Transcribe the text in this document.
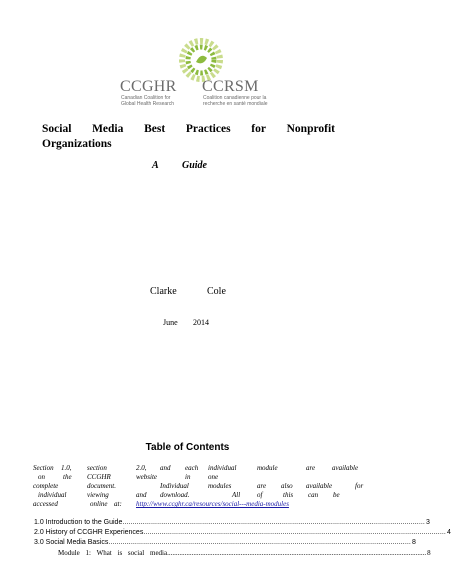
CCGHR CCRSM
Canadian Coalition for
Global Health Research
Coalition canadienne pour la
recherche en santé mondiale
Social Media Best Practices for Nonprofit
Organizations
A Guide
Clarke	Cole
June 2014
Table of Contents
Section 1.0, section	2.0, and each individual	module	are available
on	the CCGHR	website	in	one
complete	document.	Individual	modules	are also available	for
individual	viewing	and download.	All of	this can be
accessed	online at: http://www.ccghr.ca/resources/social---media-modules
1.0 Introduction to the Guide .................................................................................................................................................... 3
2.0 History of CCGHR Experiences .................................................................................................................................................... 4
3.0 Social Media Basics .................................................................................................................................................... 8
Module 1: What is social media .................................................................................................................................................... 8
